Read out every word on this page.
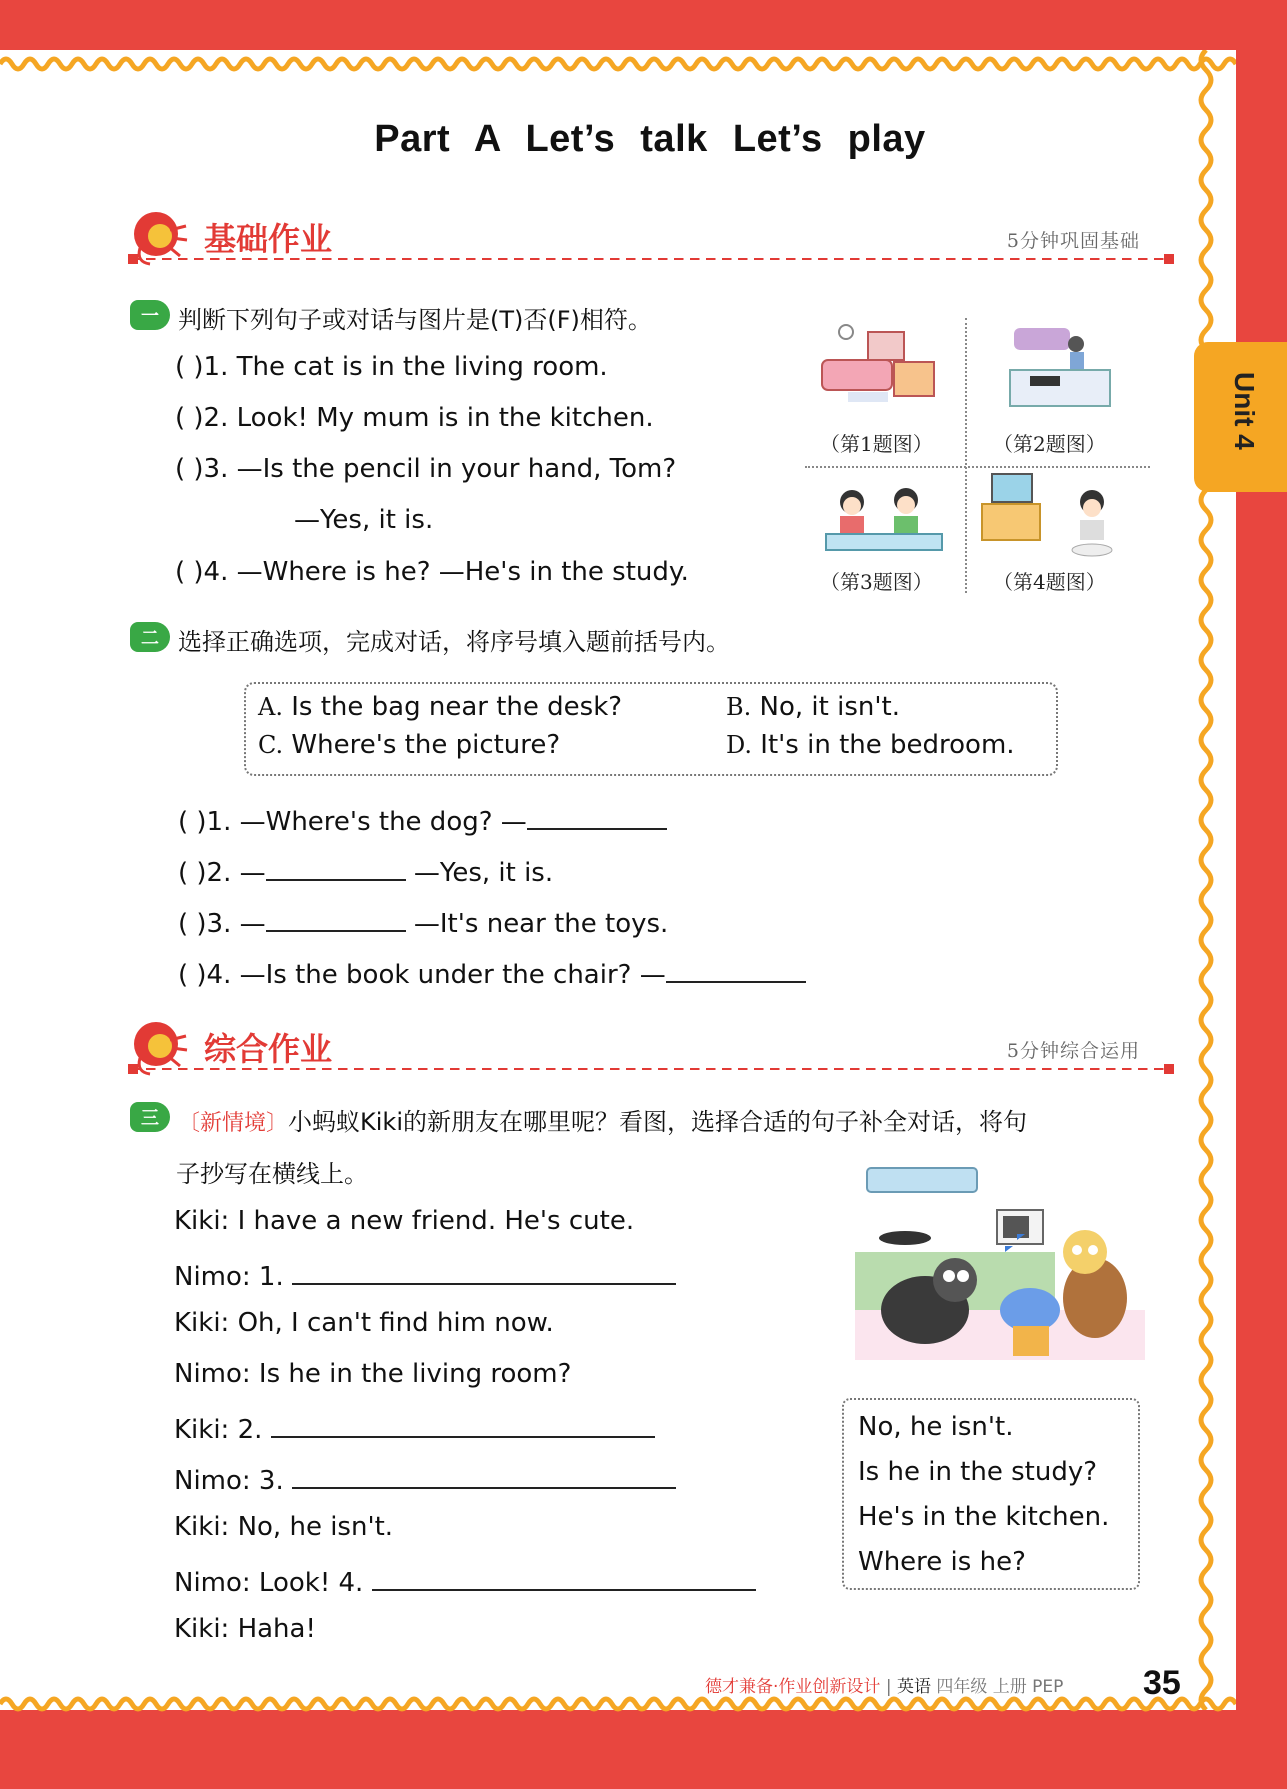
Part A Let’s talk Let’s play
Unit 4
基础作业	5分钟巩固基础
一 判断下列句子或对话与图片是(T)否(F)相符。
( )1. The cat is in the living room.
( )2. Look! My mum is in the kitchen.
( )3. —Is the pencil in your hand, Tom?
—Yes, it is.
( )4. —Where is he? —He's in the study.
（第1题图）	（第2题图）
（第3题图）	（第4题图）
二 选择正确选项，完成对话，将序号填入题前括号内。
A. Is the bag near the desk?	B. No, it isn't.
C. Where's the picture?	D. It's in the bedroom.
( )1. —Where's the dog? —
( )2. —	—Yes, it is.
( )3. —	—It's near the toys.
( )4. —Is the book under the chair? —
综合作业	5分钟综合运用
三 〔新情境〕小蚂蚁Kiki的新朋友在哪里呢？看图，选择合适的句子补全对话，将句
子抄写在横线上。
Kiki: I have a new friend. He's cute.
Nimo: 1.
Kiki: Oh, I can't find him now.
Nimo: Is he in the living room?
Kiki: 2.
Nimo: 3.
Kiki: No, he isn't.
Nimo: Look! 4.
Kiki: Haha!
No, he isn't.
Is he in the study?
He's in the kitchen.
Where is he?
德才兼备·作业创新设计 | 英语 四年级 上册 PEP 35
